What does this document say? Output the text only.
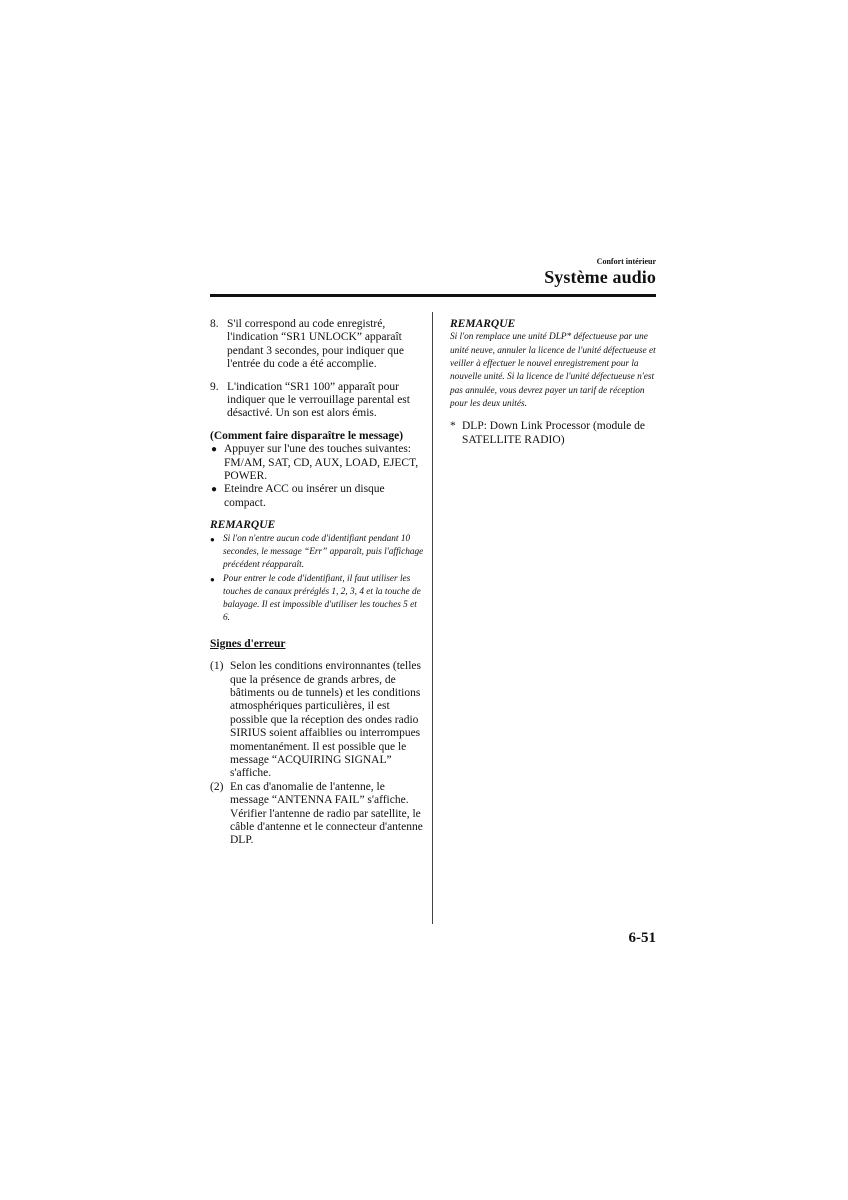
Confort intérieur
Système audio
8. S'il correspond au code enregistré, l'indication “SR1 UNLOCK” apparaît pendant 3 secondes, pour indiquer que l'entrée du code a été accomplie.
9. L'indication “SR1 100” apparaît pour indiquer que le verrouillage parental est désactivé. Un son est alors émis.
(Comment faire disparaître le message)
● Appuyer sur l'une des touches suivantes: FM/AM, SAT, CD, AUX, LOAD, EJECT, POWER.
● Eteindre ACC ou insérer un disque compact.
REMARQUE
● Si l'on n'entre aucun code d'identifiant pendant 10 secondes, le message “Err” apparaît, puis l'affichage précédent réapparaît.
● Pour entrer le code d'identifiant, il faut utiliser les touches de canaux préréglés 1, 2, 3, 4 et la touche de balayage. Il est impossible d'utiliser les touches 5 et 6.
Signes d'erreur
(1) Selon les conditions environnantes (telles que la présence de grands arbres, de bâtiments ou de tunnels) et les conditions atmosphériques particulières, il est possible que la réception des ondes radio SIRIUS soient affaiblies ou interrompues momentanément. Il est possible que le message “ACQUIRING SIGNAL” s'affiche.
(2) En cas d'anomalie de l'antenne, le message “ANTENNA FAIL” s'affiche. Vérifier l'antenne de radio par satellite, le câble d'antenne et le connecteur d'antenne DLP.
REMARQUE
Si l'on remplace une unité DLP* défectueuse par une unité neuve, annuler la licence de l'unité défectueuse et veiller à effectuer le nouvel enregistrement pour la nouvelle unité. Si la licence de l'unité défectueuse n'est pas annulée, vous devrez payer un tarif de réception pour les deux unités.
* DLP: Down Link Processor (module de SATELLITE RADIO)
6-51
